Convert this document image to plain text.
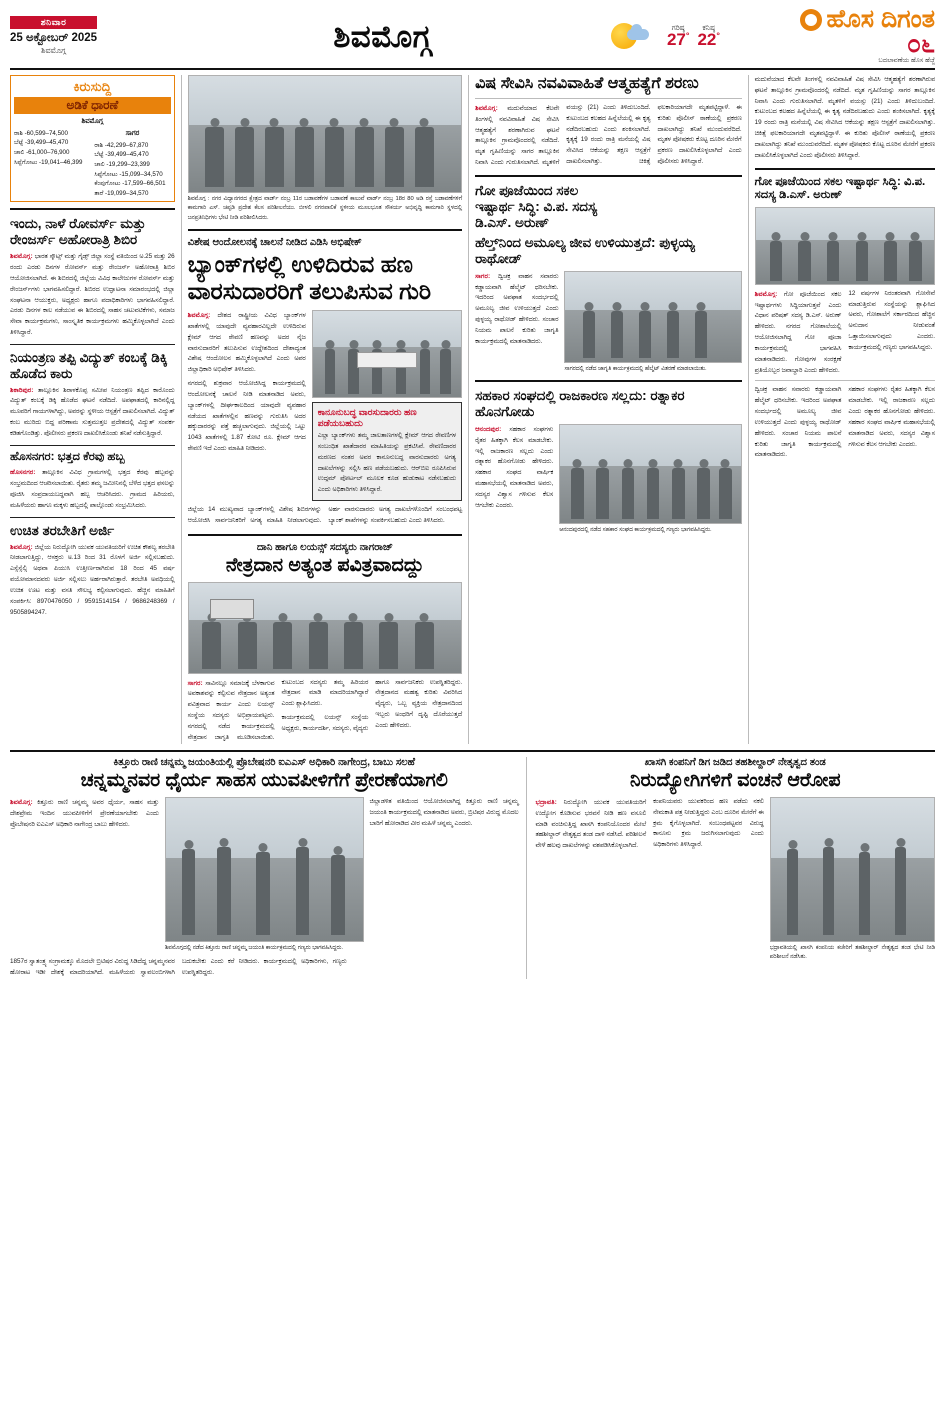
ಶನಿವಾರ
25 ಅಕ್ಟೋಬರ್ 2025
ಶಿವಮೊಗ್ಗ	ಶಿವಮೊಗ್ಗ	ಗರಿಷ್ಠ
27°
ಕನಿಷ್ಠ
22°
ಹೊಸ ದಿಗಂತ
೦೬
ಬದಲಾವಣೆಯ ಹೊಸ ಹೆಜ್ಜೆ
ಕಿರುಸುದ್ದಿ
ಅಡಿಕೆ ಧಾರಣೆ
ಶಿವಮೊಗ್ಗ
ರಾಶಿ -60,599–74,500
ಬೆಟ್ಟೆ -39,499–45,470
ಚಾಲಿ -61,000–76,900
ಸಿಪ್ಪೆಗೋಟು -19,041–46,399
ಸಾಗರ
ರಾಶಿ -42,299–67,870
ಬೆಟ್ಟೆ -39,499–45,470
ಚಾಲಿ -19,299–23,399
ಸಿಪ್ಪೆಗೋಟು -15,099–34,570
ಕೆಂಪುಗೋಟು -17,599–66,501
ತಾರೆ -19,099–34,570
ಇಂದು, ನಾಳೆ ರೋವರ್ಸ್‌ ಮತ್ತು ರೇಂಜರ್ಸ್‌ ಅಹೋರಾತ್ರಿ ಶಿಬಿರ

ಶಿವಮೊಗ್ಗ: ಭಾರತ ಸ್ಕೌಟ್ಸ್ ಮತ್ತು ಗೈಡ್ಸ್ ಜಿಲ್ಲಾ ಸಂಸ್ಥೆ ವತಿಯಿಂದ ಅ.25 ಮತ್ತು 26 ರಂದು ಎರಡು ದಿನಗಳ ರೋವರ್ಸ್ ಮತ್ತು ರೇಂಜರ್ಸ್ ಅಹೋರಾತ್ರಿ ಶಿಬಿರ ಆಯೋಜಿಸಲಾಗಿದೆ. ಈ ಶಿಬಿರದಲ್ಲಿ ಜಿಲ್ಲೆಯ ವಿವಿಧ ಕಾಲೇಜುಗಳ ರೋವರ್ಸ್ ಮತ್ತು ರೇಂಜರ್ಸ್‌ಗಳು ಭಾಗವಹಿಸಲಿದ್ದಾರೆ. ಶಿಬಿರದ ಉದ್ಘಾಟನಾ ಸಮಾರಂಭದಲ್ಲಿ ಜಿಲ್ಲಾ ಸಂಘಟನಾ ಆಯುಕ್ತರು, ಅಧ್ಯಕ್ಷರು ಹಾಗೂ ಪದಾಧಿಕಾರಿಗಳು ಭಾಗವಹಿಸಲಿದ್ದಾರೆ. ಎರಡು ದಿನಗಳ ಕಾಲ ನಡೆಯುವ ಈ ಶಿಬಿರದಲ್ಲಿ ಸಾಹಸ ಚಟುವಟಿಕೆಗಳು, ಸಮಾಜ ಸೇವಾ ಕಾರ್ಯಕ್ರಮಗಳು, ಸಾಂಸ್ಕೃತಿಕ ಕಾರ್ಯಕ್ರಮಗಳು ಹಮ್ಮಿಕೊಳ್ಳಲಾಗಿದೆ ಎಂದು ತಿಳಿಸಿದ್ದಾರೆ.

ನಿಯಂತ್ರಣ ತಪ್ಪಿ ವಿದ್ಯುತ್‌ ಕಂಬಕ್ಕೆ ಡಿಕ್ಕಿ ಹೊಡೆದ ಕಾರು

ಶಿಕಾರಿಪುರ: ತಾಲ್ಲೂಕಿನ ಶಿರಾಳಕೊಪ್ಪ ಸಮೀಪ ನಿಯಂತ್ರಣ ತಪ್ಪಿದ ಕಾರೊಂದು ವಿದ್ಯುತ್ ಕಂಬಕ್ಕೆ ಡಿಕ್ಕಿ ಹೊಡೆದ ಘಟನೆ ನಡೆದಿದೆ. ಅಪಘಾತದಲ್ಲಿ ಕಾರಿನಲ್ಲಿದ್ದ ಮೂವರಿಗೆ ಗಾಯಗಳಾಗಿದ್ದು, ಅವರನ್ನು ಸ್ಥಳೀಯ ಆಸ್ಪತ್ರೆಗೆ ದಾಖಲಿಸಲಾಗಿದೆ. ವಿದ್ಯುತ್ ಕಂಬ ಮುರಿದು ಬಿದ್ದ ಪರಿಣಾಮ ಸುತ್ತಮುತ್ತಲ ಪ್ರದೇಶದಲ್ಲಿ ವಿದ್ಯುತ್ ಸಂಪರ್ಕ ಕಡಿತಗೊಂಡಿತ್ತು. ಪೊಲೀಸರು ಪ್ರಕರಣ ದಾಖಲಿಸಿಕೊಂಡು ತನಿಖೆ ನಡೆಸುತ್ತಿದ್ದಾರೆ.

ಹೊಸನಗರ: ಭತ್ತದ ಕೆರವು ಹಬ್ಬ

ಹೊಸನಗರ: ತಾಲ್ಲೂಕಿನ ವಿವಿಧ ಗ್ರಾಮಗಳಲ್ಲಿ ಭತ್ತದ ಕೆರವು ಹಬ್ಬವನ್ನು ಸಂಭ್ರಮದಿಂದ ಆಚರಿಸಲಾಯಿತು. ರೈತರು ತಮ್ಮ ಜಮೀನಿನಲ್ಲಿ ಬೆಳೆದ ಭತ್ತದ ಫಸಲನ್ನು ಪೂಜಿಸಿ ಸಂಪ್ರದಾಯಬದ್ಧವಾಗಿ ಹಬ್ಬ ಆಚರಿಸಿದರು. ಗ್ರಾಮದ ಹಿರಿಯರು, ಮಹಿಳೆಯರು ಹಾಗೂ ಮಕ್ಕಳು ಹಬ್ಬದಲ್ಲಿ ಪಾಲ್ಗೊಂಡು ಸಂಭ್ರಮಿಸಿದರು.

ಉಚಿತ ತರಬೇತಿಗೆ ಅರ್ಜಿ

ಶಿವಮೊಗ್ಗ: ಜಿಲ್ಲೆಯ ನಿರುದ್ಯೋಗಿ ಯುವಕ ಯುವತಿಯರಿಗೆ ಉಚಿತ ಕೌಶಲ್ಯ ತರಬೇತಿ ನೀಡಲಾಗುತ್ತಿದ್ದು, ಆಸಕ್ತರು ಅ.13 ರಿಂದ 31 ರೊಳಗೆ ಅರ್ಜಿ ಸಲ್ಲಿಸಬಹುದು. ಎಸ್ಸೆಸ್ಸೆಲ್ಸಿ ಅಥವಾ ಪಿಯುಸಿ ಉತ್ತೀರ್ಣರಾಗಿರುವ 18 ರಿಂದ 45 ವರ್ಷ ವಯೋಮಾನದವರು ಅರ್ಜಿ ಸಲ್ಲಿಸಲು ಅರ್ಹರಾಗಿರುತ್ತಾರೆ. ತರಬೇತಿ ಅವಧಿಯಲ್ಲಿ ಉಚಿತ ಊಟ ಮತ್ತು ವಸತಿ ಸೌಲಭ್ಯ ಕಲ್ಪಿಸಲಾಗುವುದು. ಹೆಚ್ಚಿನ ಮಾಹಿತಿಗೆ ಸಂಪರ್ಕಿಸಿ: 8970476050 / 9591514154 / 9686248369 / 9505894247.

ಶಿವಮೊಗ್ಗ : ನಗರ ವಿದ್ಯಾನಗರದ ಕ್ಷೇತ್ರದ ವಾರ್ಡ್ ನಂಬ್ರ 11ರ ಬಡಾವಣೆಗಳ ಬಡಾವಣೆ ಕಾಲುವೆ ವಾರ್ಡ್ ನಂಬ್ರ 18ರ 80 ಅಡಿ ರಸ್ತೆ ಬಡಾವಣೆಗಳಿಗೆ ಕಾಮಗಾರಿ ಎಸ್. ಚಪ್ಪಡಿ ಪ್ರದೇಶ ಕೆಲಸ ಪರಿಶೀಲನೆಯು. ಬೀಳಲಿ ನಗರಪಾಲಿಕೆ ಸ್ಥಳೀಯ ಮೂಲಭೂತ ಸೌಕರ್ಯ ಅಭಿವೃದ್ಧಿ ಕಾಮಗಾರಿ ಸ್ಥಳದಲ್ಲಿ ಜನಪ್ರತಿನಿಧಿಗಳು ಭೇಟಿ ನೀಡಿ ಪರಿಶೀಲಿಸಿದರು.
ವಿಶೇಷ ಆಂದೋಲನಕ್ಕೆ ಚಾಲನೆ ನೀಡಿದ ಎಡಿಸಿ ಅಭಿಷೇಕ್‌
ಬ್ಯಾಂಕ್‌ಗಳಲ್ಲಿ ಉಳಿದಿರುವ ಹಣ ವಾರಸುದಾರರಿಗೆ ತಲುಪಿಸುವ ಗುರಿ

ಶಿವಮೊಗ್ಗ: ದೇಶದ ರಾಷ್ಟ್ರೀಯ ವಿವಿಧ ಬ್ಯಾಂಕ್‌ಗಳ ಖಾತೆಗಳಲ್ಲಿ ಯಾವುದೇ ವ್ಯವಹಾರವಿಲ್ಲದೇ ಉಳಿದಿರುವ ಕ್ಲೇಮ್ ಆಗದ ಠೇವಣಿ ಹಣವನ್ನು ಅದರ ನೈಜ ವಾರಸುದಾರರಿಗೆ ತಲುಪಿಸುವ ಉದ್ದೇಶದಿಂದ ದೇಶಾದ್ಯಂತ ವಿಶೇಷ ಆಂದೋಲನ ಹಮ್ಮಿಕೊಳ್ಳಲಾಗಿದೆ ಎಂದು ಅಪರ ಜಿಲ್ಲಾಧಿಕಾರಿ ಅಭಿಷೇಕ್ ತಿಳಿಸಿದರು.

ನಗರದಲ್ಲಿ ಶುಕ್ರವಾರ ಆಯೋಜಿಸಿದ್ದ ಕಾರ್ಯಕ್ರಮದಲ್ಲಿ ಆಂದೋಲನಕ್ಕೆ ಚಾಲನೆ ನೀಡಿ ಮಾತನಾಡಿದ ಅವರು, ಬ್ಯಾಂಕ್‌ಗಳಲ್ಲಿ ದೀರ್ಘಕಾಲದಿಂದ ಯಾವುದೇ ವ್ಯವಹಾರ ನಡೆಯದ ಖಾತೆಗಳಲ್ಲಿನ ಹಣವನ್ನು ಗುರುತಿಸಿ ಅದರ ಹಕ್ಕುದಾರರನ್ನು ಪತ್ತೆ ಹಚ್ಚಲಾಗುವುದು. ಜಿಲ್ಲೆಯಲ್ಲಿ ಒಟ್ಟು 1043 ಖಾತೆಗಳಲ್ಲಿ 1.87 ಕೋಟಿ ರೂ. ಕ್ಲೇಮ್ ಆಗದ ಠೇವಣಿ ಇದೆ ಎಂದು ಮಾಹಿತಿ ನೀಡಿದರು.

ಕಾನೂನುಬದ್ಧ ವಾರಸುದಾರರು ಹಣ ಪಡೆಯಬಹುದು
ಎಲ್ಲಾ ಬ್ಯಾಂಕ್‌ಗಳು ತಮ್ಮ ಜಾಲತಾಣಗಳಲ್ಲಿ ಕ್ಲೇಮ್ ಆಗದ ಠೇವಣಿಗಳ ಸಂಬಂಧಿತ ಖಾತೆದಾರರ ಮಾಹಿತಿಯನ್ನು ಪ್ರಕಟಿಸಿವೆ. ಠೇವಣಿದಾರರ ಮರಣದ ನಂತರ ಅವರ ಕಾನೂನುಬದ್ಧ ವಾರಸುದಾರರು ಅಗತ್ಯ ದಾಖಲೆಗಳನ್ನು ಸಲ್ಲಿಸಿ ಹಣ ಪಡೆಯಬಹುದು. ಆರ್‌ಬಿಐ ರೂಪಿಸಿರುವ ಉದ್ಗಮ್ ಪೋರ್ಟಲ್ ಮೂಲಕ ಕೂಡ ಹುಡುಕಾಟ ನಡೆಸಬಹುದು ಎಂದು ಅಧಿಕಾರಿಗಳು ತಿಳಿಸಿದ್ದಾರೆ.

ಜಿಲ್ಲೆಯ 14 ಮುಖ್ಯವಾದ ಬ್ಯಾಂಕ್‌ಗಳಲ್ಲಿ ವಿಶೇಷ ಶಿಬಿರಗಳನ್ನು ಆಯೋಜಿಸಿ ಸಾರ್ವಜನಿಕರಿಗೆ ಅಗತ್ಯ ಮಾಹಿತಿ ನೀಡಲಾಗುವುದು. ಅರ್ಹ ವಾರಸುದಾರರು ಅಗತ್ಯ ದಾಖಲೆಗಳೊಂದಿಗೆ ಸಂಬಂಧಪಟ್ಟ ಬ್ಯಾಂಕ್ ಶಾಖೆಗಳನ್ನು ಸಂಪರ್ಕಿಸಬಹುದು ಎಂದು ತಿಳಿಸಿದರು.

ದಾನಿ ಹಾಗೂ ಲಯನ್ಸ್‌ ಸದಸ್ಯರು ನಾಗರಾಜ್‌
ನೇತ್ರದಾನ ಅತ್ಯಂತ ಪವಿತ್ರವಾದದ್ದು

ಸಾಗರ: ಸಾವಿನಲ್ಲೂ ಸಮಾಜಕ್ಕೆ ಬೆಳಕಾಗುವ ಅವಕಾಶವನ್ನು ಕಲ್ಪಿಸುವ ನೇತ್ರದಾನ ಅತ್ಯಂತ ಪವಿತ್ರವಾದ ಕಾರ್ಯ ಎಂದು ಲಯನ್ಸ್ ಸಂಸ್ಥೆಯ ಸದಸ್ಯರು ಅಭಿಪ್ರಾಯಪಟ್ಟರು. ನಗರದಲ್ಲಿ ನಡೆದ ಕಾರ್ಯಕ್ರಮದಲ್ಲಿ ನೇತ್ರದಾನ ಜಾಗೃತಿ ಮೂಡಿಸಲಾಯಿತು. ಕುಟುಂಬದ ಸದಸ್ಯರು ತಮ್ಮ ಹಿರಿಯರ ನೇತ್ರದಾನ ಮಾಡಿ ಮಾದರಿಯಾಗಿದ್ದಾರೆ ಎಂದು ಶ್ಲಾಘಿಸಿದರು.

ಕಾರ್ಯಕ್ರಮದಲ್ಲಿ ಲಯನ್ಸ್ ಸಂಸ್ಥೆಯ ಅಧ್ಯಕ್ಷರು, ಕಾರ್ಯದರ್ಶಿ, ಸದಸ್ಯರು, ವೈದ್ಯರು ಹಾಗೂ ಸಾರ್ವಜನಿಕರು ಉಪಸ್ಥಿತರಿದ್ದರು. ನೇತ್ರದಾನದ ಮಹತ್ವ ಕುರಿತು ವಿವರಿಸಿದ ವೈದ್ಯರು, ಒಬ್ಬ ವ್ಯಕ್ತಿಯ ನೇತ್ರದಾನದಿಂದ ಇಬ್ಬರು ಅಂಧರಿಗೆ ದೃಷ್ಟಿ ದೊರೆಯುತ್ತದೆ ಎಂದು ಹೇಳಿದರು.

ವಿಷ ಸೇವಿಸಿ ನವವಿವಾಹಿತೆ ಆತ್ಮಹತ್ಯೆಗೆ ಶರಣು

ಶಿವಮೊಗ್ಗ: ಮದುವೆಯಾದ ಕೆಲವೇ ತಿಂಗಳಲ್ಲಿ ನವವಿವಾಹಿತೆ ವಿಷ ಸೇವಿಸಿ ಆತ್ಮಹತ್ಯೆಗೆ ಶರಣಾಗಿರುವ ಘಟನೆ ತಾಲ್ಲೂಕಿನ ಗ್ರಾಮವೊಂದರಲ್ಲಿ ನಡೆದಿದೆ. ಮೃತ ಗೃಹಿಣಿಯನ್ನು ಸಾಗರ ತಾಲ್ಲೂಕಿನ ನಿವಾಸಿ ಎಂದು ಗುರುತಿಸಲಾಗಿದೆ. ಮೃತಳಿಗೆ ವಯಸ್ಸು (21) ಎಂದು ತಿಳಿದುಬಂದಿದೆ. ಕುಟುಂಬದ ಕಲಹದ ಹಿನ್ನೆಲೆಯಲ್ಲಿ ಈ ಕೃತ್ಯ ನಡೆದಿರಬಹುದು ಎಂದು ಶಂಕಿಸಲಾಗಿದೆ. ಕೃತ್ಯಕ್ಕೆ 19 ರಂದು ರಾತ್ರಿ ಮನೆಯಲ್ಲಿ ವಿಷ ಸೇವಿಸಿದ ಆಕೆಯನ್ನು ತಕ್ಷಣ ಆಸ್ಪತ್ರೆಗೆ ದಾಖಲಿಸಲಾಗಿತ್ತು. ಚಿಕಿತ್ಸೆ ಫಲಕಾರಿಯಾಗದೇ ಮೃತಪಟ್ಟಿದ್ದಾಳೆ. ಈ ಕುರಿತು ಪೊಲೀಸ್ ಠಾಣೆಯಲ್ಲಿ ಪ್ರಕರಣ ದಾಖಲಾಗಿದ್ದು ತನಿಖೆ ಮುಂದುವರೆದಿದೆ. ಮೃತಳ ಪೋಷಕರು ಕೊಟ್ಟ ದೂರಿನ ಮೇರೆಗೆ ಪ್ರಕರಣ ದಾಖಲಿಸಿಕೊಳ್ಳಲಾಗಿದೆ ಎಂದು ಪೊಲೀಸರು ತಿಳಿಸಿದ್ದಾರೆ.

ಗೋ ಪೂಜೆಯಿಂದ ಸಕಲ ಇಷ್ಟಾರ್ಥ ಸಿದ್ಧಿ: ವಿ.ಪ. ಸದಸ್ಯ ಡಿ.ಎಸ್‌. ಅರುಣ್‌
ಹೆಲ್ತ್‌ನಿಂದ ಅಮೂಲ್ಯ ಜೀವ ಉಳಿಯುತ್ತದೆ: ಪುಳ್ಳಯ್ಯ ರಾಥೋಡ್‌

ಸಾಗರ: ದ್ವಿಚಕ್ರ ವಾಹನ ಸವಾರರು ಕಡ್ಡಾಯವಾಗಿ ಹೆಲ್ಮೆಟ್ ಧರಿಸಬೇಕು. ಇದರಿಂದ ಅಪಘಾತ ಸಂದರ್ಭದಲ್ಲಿ ಅಮೂಲ್ಯ ಜೀವ ಉಳಿಯುತ್ತದೆ ಎಂದು ಪುಳ್ಳಯ್ಯ ರಾಥೋಡ್ ಹೇಳಿದರು. ಸಂಚಾರ ನಿಯಮ ಪಾಲನೆ ಕುರಿತು ಜಾಗೃತಿ ಕಾರ್ಯಕ್ರಮದಲ್ಲಿ ಮಾತನಾಡಿದರು.

ಸಾಗರದಲ್ಲಿ ನಡೆದ ಜಾಗೃತಿ ಕಾರ್ಯಕ್ರಮದಲ್ಲಿ ಹೆಲ್ಮೆಟ್ ವಿತರಣೆ ಮಾಡಲಾಯಿತು.
ಸಹಕಾರ ಸಂಘದಲ್ಲಿ ರಾಜಕಾರಣ ಸಲ್ಲದು: ರತ್ನಾಕರ ಹೊನಗೋಡು

ಆನಂದಪುರ: ಸಹಕಾರ ಸಂಘಗಳು ರೈತರ ಹಿತಕ್ಕಾಗಿ ಕೆಲಸ ಮಾಡಬೇಕು. ಇಲ್ಲಿ ರಾಜಕಾರಣ ಸಲ್ಲದು ಎಂದು ರತ್ನಾಕರ ಹೊನಗೋಡು ಹೇಳಿದರು. ಸಹಕಾರ ಸಂಘದ ವಾರ್ಷಿಕ ಮಹಾಸಭೆಯಲ್ಲಿ ಮಾತನಾಡಿದ ಅವರು, ಸದಸ್ಯರ ವಿಶ್ವಾಸ ಗಳಿಸುವ ಕೆಲಸ ಆಗಬೇಕು ಎಂದರು.

ಆನಂದಪುರದಲ್ಲಿ ನಡೆದ ಸಹಕಾರ ಸಂಘದ ಕಾರ್ಯಕ್ರಮದಲ್ಲಿ ಗಣ್ಯರು ಭಾಗವಹಿಸಿದ್ದರು.

ಮದುವೆಯಾದ ಕೆಲವೇ ತಿಂಗಳಲ್ಲಿ ನವವಿವಾಹಿತೆ ವಿಷ ಸೇವಿಸಿ ಆತ್ಮಹತ್ಯೆಗೆ ಶರಣಾಗಿರುವ ಘಟನೆ ತಾಲ್ಲೂಕಿನ ಗ್ರಾಮವೊಂದರಲ್ಲಿ ನಡೆದಿದೆ. ಮೃತ ಗೃಹಿಣಿಯನ್ನು ಸಾಗರ ತಾಲ್ಲೂಕಿನ ನಿವಾಸಿ ಎಂದು ಗುರುತಿಸಲಾಗಿದೆ. ಮೃತಳಿಗೆ ವಯಸ್ಸು (21) ಎಂದು ತಿಳಿದುಬಂದಿದೆ. ಕುಟುಂಬದ ಕಲಹದ ಹಿನ್ನೆಲೆಯಲ್ಲಿ ಈ ಕೃತ್ಯ ನಡೆದಿರಬಹುದು ಎಂದು ಶಂಕಿಸಲಾಗಿದೆ. ಕೃತ್ಯಕ್ಕೆ 19 ರಂದು ರಾತ್ರಿ ಮನೆಯಲ್ಲಿ ವಿಷ ಸೇವಿಸಿದ ಆಕೆಯನ್ನು ತಕ್ಷಣ ಆಸ್ಪತ್ರೆಗೆ ದಾಖಲಿಸಲಾಗಿತ್ತು. ಚಿಕಿತ್ಸೆ ಫಲಕಾರಿಯಾಗದೇ ಮೃತಪಟ್ಟಿದ್ದಾಳೆ. ಈ ಕುರಿತು ಪೊಲೀಸ್ ಠಾಣೆಯಲ್ಲಿ ಪ್ರಕರಣ ದಾಖಲಾಗಿದ್ದು ತನಿಖೆ ಮುಂದುವರೆದಿದೆ. ಮೃತಳ ಪೋಷಕರು ಕೊಟ್ಟ ದೂರಿನ ಮೇರೆಗೆ ಪ್ರಕರಣ ದಾಖಲಿಸಿಕೊಳ್ಳಲಾಗಿದೆ ಎಂದು ಪೊಲೀಸರು ತಿಳಿಸಿದ್ದಾರೆ.

ಗೋ ಪೂಜೆಯಿಂದ ಸಕಲ ಇಷ್ಟಾರ್ಥ ಸಿದ್ಧಿ: ವಿ.ಪ. ಸದಸ್ಯ ಡಿ.ಎಸ್‌. ಅರುಣ್‌

ಶಿವಮೊಗ್ಗ: ಗೋ ಪೂಜೆಯಿಂದ ಸಕಲ ಇಷ್ಟಾರ್ಥಗಳು ಸಿದ್ಧಿಯಾಗುತ್ತವೆ ಎಂದು ವಿಧಾನ ಪರಿಷತ್ ಸದಸ್ಯ ಡಿ.ಎಸ್. ಅರುಣ್ ಹೇಳಿದರು. ನಗರದ ಗೋಶಾಲೆಯಲ್ಲಿ ಆಯೋಜಿಸಲಾಗಿದ್ದ ಗೋ ಪೂಜಾ ಕಾರ್ಯಕ್ರಮದಲ್ಲಿ ಭಾಗವಹಿಸಿ ಮಾತನಾಡಿದರು. ಗೋವುಗಳ ಸಂರಕ್ಷಣೆ ಪ್ರತಿಯೊಬ್ಬರ ಜವಾಬ್ದಾರಿ ಎಂದು ಹೇಳಿದರು.

12 ವರ್ಷಗಳ ನಿರಂತರವಾಗಿ ಗೋಸೇವೆ ಮಾಡುತ್ತಿರುವ ಸಂಸ್ಥೆಯನ್ನು ಶ್ಲಾಘಿಸಿದ ಅವರು, ಗೋಶಾಲೆಗೆ ಸರ್ಕಾರದಿಂದ ಹೆಚ್ಚಿನ ಅನುದಾನ ನೀಡುವಂತೆ ಒತ್ತಾಯಿಸಲಾಗುವುದು ಎಂದರು. ಕಾರ್ಯಕ್ರಮದಲ್ಲಿ ಗಣ್ಯರು ಭಾಗವಹಿಸಿದ್ದರು.

ದ್ವಿಚಕ್ರ ವಾಹನ ಸವಾರರು ಕಡ್ಡಾಯವಾಗಿ ಹೆಲ್ಮೆಟ್ ಧರಿಸಬೇಕು. ಇದರಿಂದ ಅಪಘಾತ ಸಂದರ್ಭದಲ್ಲಿ ಅಮೂಲ್ಯ ಜೀವ ಉಳಿಯುತ್ತದೆ ಎಂದು ಪುಳ್ಳಯ್ಯ ರಾಥೋಡ್ ಹೇಳಿದರು. ಸಂಚಾರ ನಿಯಮ ಪಾಲನೆ ಕುರಿತು ಜಾಗೃತಿ ಕಾರ್ಯಕ್ರಮದಲ್ಲಿ ಮಾತನಾಡಿದರು.

ಸಹಕಾರ ಸಂಘಗಳು ರೈತರ ಹಿತಕ್ಕಾಗಿ ಕೆಲಸ ಮಾಡಬೇಕು. ಇಲ್ಲಿ ರಾಜಕಾರಣ ಸಲ್ಲದು ಎಂದು ರತ್ನಾಕರ ಹೊನಗೋಡು ಹೇಳಿದರು. ಸಹಕಾರ ಸಂಘದ ವಾರ್ಷಿಕ ಮಹಾಸಭೆಯಲ್ಲಿ ಮಾತನಾಡಿದ ಅವರು, ಸದಸ್ಯರ ವಿಶ್ವಾಸ ಗಳಿಸುವ ಕೆಲಸ ಆಗಬೇಕು ಎಂದರು.

ಕಿತ್ತೂರು ರಾಣಿ ಚನ್ನಮ್ಮ ಜಯಂತಿಯಲ್ಲಿ ಪ್ರೊಬೇಷನರಿ ಐಎಎಸ್‌ ಅಧಿಕಾರಿ ನಾಗೇಂದ್ರ, ಬಾಬು ಸಲಹೆ
ಚನ್ನಮ್ಮನವರ ಧೈರ್ಯ ಸಾಹಸ ಯುವಪೀಳಿಗೆಗೆ ಪ್ರೇರಣೆಯಾಗಲಿ

ಶಿವಮೊಗ್ಗ: ಕಿತ್ತೂರು ರಾಣಿ ಚನ್ನಮ್ಮ ಅವರ ಧೈರ್ಯ, ಸಾಹಸ ಮತ್ತು ದೇಶಪ್ರೇಮ ಇಂದಿನ ಯುವಪೀಳಿಗೆಗೆ ಪ್ರೇರಣೆಯಾಗಬೇಕು ಎಂದು ಪ್ರೊಬೇಷನರಿ ಐಎಎಸ್ ಅಧಿಕಾರಿ ನಾಗೇಂದ್ರ ಬಾಬು ಹೇಳಿದರು.

ಶಿವಮೊಗ್ಗದಲ್ಲಿ ನಡೆದ ಕಿತ್ತೂರು ರಾಣಿ ಚನ್ನಮ್ಮ ಜಯಂತಿ ಕಾರ್ಯಕ್ರಮದಲ್ಲಿ ಗಣ್ಯರು ಭಾಗವಹಿಸಿದ್ದರು.

ಜಿಲ್ಲಾಡಳಿತ ವತಿಯಿಂದ ಆಯೋಜಿಸಲಾಗಿದ್ದ ಕಿತ್ತೂರು ರಾಣಿ ಚನ್ನಮ್ಮ ಜಯಂತಿ ಕಾರ್ಯಕ್ರಮದಲ್ಲಿ ಮಾತನಾಡಿದ ಅವರು, ಬ್ರಿಟಿಷರ ವಿರುದ್ಧ ಮೊದಲ ಬಾರಿಗೆ ಹೋರಾಡಿದ ವೀರ ಮಹಿಳೆ ಚನ್ನಮ್ಮ ಎಂದರು.

1857ರ ಸ್ವಾತಂತ್ರ್ಯ ಸಂಗ್ರಾಮಕ್ಕೂ ಮೊದಲೇ ಬ್ರಿಟಿಷರ ವಿರುದ್ಧ ಸಿಡಿದೆದ್ದ ಚನ್ನಮ್ಮನವರ ಹೋರಾಟ ಇಡೀ ದೇಶಕ್ಕೆ ಮಾದರಿಯಾಗಿದೆ. ಮಹಿಳೆಯರು ಸ್ವಾವಲಂಬಿಗಳಾಗಿ ಬದುಕಬೇಕು ಎಂದು ಕರೆ ನೀಡಿದರು. ಕಾರ್ಯಕ್ರಮದಲ್ಲಿ ಅಧಿಕಾರಿಗಳು, ಗಣ್ಯರು ಉಪಸ್ಥಿತರಿದ್ದರು.

ಖಾಸಗಿ ಕಂಪನಿಗೆ ಡಿಗ ಜಡಿದ ತಹಶೀಲ್ದಾರ್‌ ನೇತೃತ್ವದ ತಂಡ
ನಿರುದ್ಯೋಗಿಗಳಿಗೆ ವಂಚನೆ ಆರೋಪ

ಭದ್ರಾವತಿ: ನಿರುದ್ಯೋಗಿ ಯುವಕ ಯುವತಿಯರಿಗೆ ಉದ್ಯೋಗ ಕೊಡಿಸುವ ಭರವಸೆ ನೀಡಿ ಹಣ ವಸೂಲಿ ಮಾಡಿ ವಂಚಿಸುತ್ತಿದ್ದ ಖಾಸಗಿ ಕಂಪನಿಯೊಂದರ ಮೇಲೆ ತಹಶೀಲ್ದಾರ್ ನೇತೃತ್ವದ ತಂಡ ದಾಳಿ ನಡೆಸಿದೆ. ಪರಿಶೀಲನೆ ವೇಳೆ ಹಲವು ದಾಖಲೆಗಳನ್ನು ವಶಪಡಿಸಿಕೊಳ್ಳಲಾಗಿದೆ.

ಕಂಪನಿಯವರು ಯುವಕರಿಂದ ಹಣ ಪಡೆದು ನಕಲಿ ನೇಮಕಾತಿ ಪತ್ರ ನೀಡುತ್ತಿದ್ದರು ಎಂಬ ದೂರಿನ ಮೇರೆಗೆ ಈ ಕ್ರಮ ಕೈಗೊಳ್ಳಲಾಗಿದೆ. ಸಂಬಂಧಪಟ್ಟವರ ವಿರುದ್ಧ ಕಾನೂನು ಕ್ರಮ ಜರುಗಿಸಲಾಗುವುದು ಎಂದು ಅಧಿಕಾರಿಗಳು ತಿಳಿಸಿದ್ದಾರೆ.

ಭದ್ರಾವತಿಯಲ್ಲಿ ಖಾಸಗಿ ಕಂಪನಿಯ ಕಚೇರಿಗೆ ತಹಶೀಲ್ದಾರ್ ನೇತೃತ್ವದ ತಂಡ ಭೇಟಿ ನೀಡಿ ಪರಿಶೀಲನೆ ನಡೆಸಿತು.
